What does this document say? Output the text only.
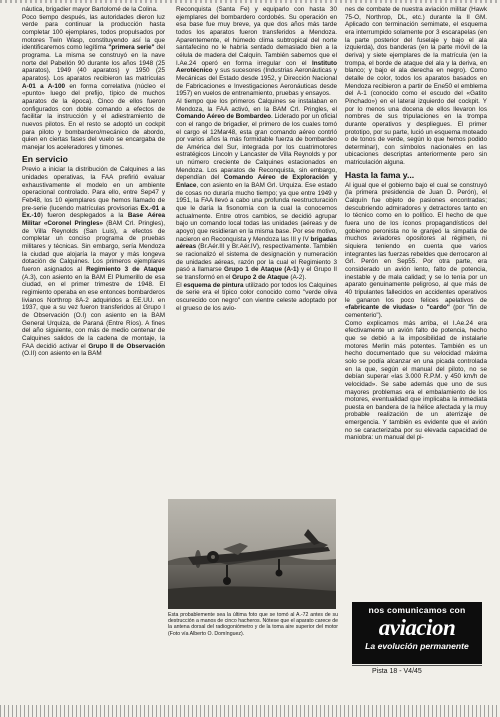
náutica, brigadier mayor Bartolomé de la Colina.

Poco tiempo después, las autoridades dieron luz verde para continuar la producción hasta completar 100 ejemplares, todos propulsados por motores Twin Wasp, constituyendo así la que identificaremos como legítima "primera serie" del programa. La misma se construyó en la nave norte del Pabellón 90 durante los años 1948 (25 aparatos), 1949 (40 aparatos) y 1950 (25 aparatos). Los aparatos recibieron las matrículas A-01 a A-100 en forma correlativa (núcleo el «punto» luego del prefijo, típico de muchos aparatos de la época). Cinco de ellos fueron configurados con doble comando a efectos de facilitar la instrucción y el adiestramiento de nuevos pilotos. En el resto se adoptó un cockpit para piloto y bombardero/mecánico de abordo, quien en ciertas fases del vuelo se encargaba de manejar los aceleradores y timones.

En servicio

Previo a iniciar la distribución de Calquines a las unidades operativas, la FAA prefirió evaluar exhaustivamente el modelo en un ambiente operacional controlado. Para ello, entre Sep47 y Feb48, los 10 ejemplares que hemos llamado de pre-serie (lucendo matrículas provisorias Ex.-01 a Ex.-10) fueron desplegados a la Base Aérea Militar «Coronel Pringles» (BAM Crl. Pringles), de Villa Reynolds (San Luis), a efectos de completar un conciso programa de pruebas militares y técnicas. Sin embargo, sería Mendoza la ciudad que alojaría la mayor y más longeva dotación de Calquines. Los primeros ejemplares fueron asignados al Regimiento 3 de Ataque (A.3), con asiento en la BAM El Plumerillo de esa ciudad, en el primer trimestre de 1948. El regimiento operaba en ese entonces bombarderos livianos Northrop 8A-2 adquiridos a EE.UU. en 1937, que a su vez fueron transferidos al Grupo I de Observación (O.I) con asiento en la BAM General Urquiza, de Paraná (Entre Ríos). A fines del año siguiente, con más de medio centenar de Calquines salidos de la cadena de montaje, la FAA decidió activar el Grupo II de Observación (O.II) con asiento en la BAM

Reconquista (Santa Fe) y equiparlo con hasta 30 ejemplares del bombardero cordobés. Su operación en esa base fue muy breve, ya que dos años más tarde todos los aparatos fueron transferidos a Mendoza. Aparentemente, el húmedo clima subtropical del norte santafecino no le habría sentado demasiado bien a la célula de madera del Calquín. También sabemos que el I.Ae.24 operó en forma irregular con el Instituto Aerotécnico y sus sucesores (Industrias Aeronáuticas y Mecánicas del Estado desde 1952, y Dirección Nacional de Fabricaciones e Investigaciones Aeronáuticas desde 1957) en vuelos de entrenamiento, pruebas y ensayos.

Al tiempo que los primeros Calquines se instalaban en Mendoza, la FAA activó, en la BAM Crl. Pringles, el Comando Aéreo de Bombardeo. Liderado por un oficial con el rango de brigadier, el primero de los cuales tomó el cargo el 12Mar48, esta gran comando aéreo contrló por varios años la más formidable fuerza de bombardeo de América del Sur, integrada por los cuatrimotores estratégicos Lincoln y Lancaster de Villa Reynolds y por un número creciente de Calquines estacionados en Mendoza. Los aparatos de Reconquista, sin embargo, dependían del Comando Aéreo de Exploración y Enlace, con asiento en la BAM Grl. Urquiza. Ese estado de cosas no duraría mucho tiempo; ya que entre 1949 y 1951, la FAA llevó a cabo una profunda reestructuración que le daría la fisonomía con la cual la conocemos actualmente. Entre otros cambios, se decidió agrupar bajo un comando local todas las unidades (aéreas y de apoyo) que residieran en la misma base. Por ese motivo, nacieron en Reconquista y Mendoza las III y IV brigadas aéreas (Br.Aér.III y Br.Aér.IV), respectivamente. También se racionalizó el sistema de designación y numeración de unidades aéreas, razón por la cual el Regimiento 3 pasó a llamarse Grupo 1 de Ataque (A-1) y el Grupo II se transformó en el Grupo 2 de Ataque (A-2).

El esquema de pintura utilizado por todos los Calquines de serie era el típico color conocido como "verde oliva oscurecido con negro" con vientre celeste adoptado por el grueso de los avio-

nes de combate de nuestra aviación militar (Hawk 75-O, Northrop, DL, etc.) durante la II GM. Aplicado con terminación semimate, el esquema era interrumpido solamente por 3 escarapelas (en la parte posterior del fuselaje y bajo el ala izquierda), dos banderas (en la parte móvil de la deriva) y siete ejemplares de la matrícula (en la trompa, el borde de ataque del ala y la deriva, en blanco; y bajo el ala derecha en negro). Como detalle de color, todos los aparatos basados en Mendoza recibieron a partir de Ene50 el emblema del A-1 (conocido como el escudo del «Gatito Pinchado») en el lateral izquierdo del cockpit. Y por lo menos una docena de ellos llevaron los nombres de sus tripulaciones en la trompa durante operativos y despliegues. El primer prototipo, por su parte, lució un esquema moteado o de tonos de verde, según lo que hemos podido determinar), con símbolos nacionales en las ubicaciones descriptas anteriormente pero sin matriculación alguna.

Hasta la fama y...

Al igual que el gobierno bajo el cual se construyó (la primera presidencia de Juan D. Perón), el Calquín fue objeto de pasiones encontradas; descubriendo admiradores y detractores tanto en lo técnico como en lo político. El hecho de que fuera uno de los íconos propagandísticos del gobierno peronista no le granjeó la simpatía de muchos aviadores opositores al régimen, ni siquiera teniendo en cuenta que varios integrantes las fuerzas rebeldes que derrocaron al Grl. Perón en Sep55. Por otra parte, era considerado un avión lento, falto de potencia, inestable y de mala calidad; y se lo tenía por un aparato genuinamente peligroso, al que más de 40 tripulantes fallecidos en accidentes operativos le ganaron los poco felices apelativos de «fabricante de viudas» o "cardo" (por "fin de cementerio").

Como explicamos más arriba, el I.Ae.24 era efectivamente un avión falto de potencia, hecho que se debió a la imposibilidad de instalarle motores Merlin más potentes. También es un hecho documentado que su velocidad máxima solo se podía alcanzar en una picada controlada en la que, según el manual del piloto, no se debían superar «las 3.000 R.P.M. y 450 km/h de velocidad». Se sabe además que uno de sus mayores problemas era el embalamiento de los motores, eventualidad que implicaba la inmediata puesta en bandera de la hélice afectada y la muy probable realización de un aterrizaje de emergencia. Y también es evidente que el avión no se caracterizaba por su elevada capacidad de maniobra: un manual del pi-

Esta probablemente sea la última foto que se tomó al A.-72 antes de su destrucción a manos de cinco hacheros. Nótese que el aparato carece de la antena dorsal del radiogoniómetro y de la toma aire superior del motor (Foto vía Alberto O. Domínguez).
nos comunicamos con
aviacion
La evolución permanente
Pista 18 - V4/45
